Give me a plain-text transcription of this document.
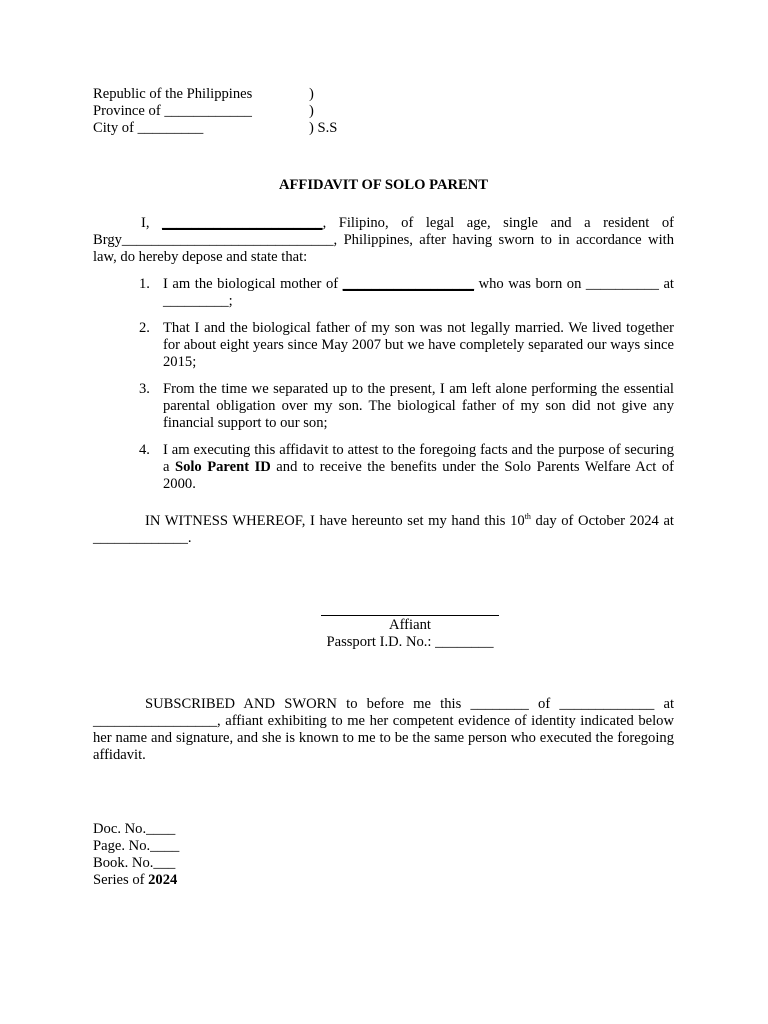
Republic of the Philippines	)
Province of ____________	)
City of _________	) S.S
AFFIDAVIT OF SOLO PARENT
I, ______________________, Filipino, of legal age, single and a resident of Brgy_____________________________, Philippines, after having sworn to in accordance with law, do hereby depose and state that:
1. I am the biological mother of __________________ who was born on __________ at _________;
2. That I and the biological father of my son was not legally married. We lived together for about eight years since May 2007 but we have completely separated our ways since 2015;
3. From the time we separated up to the present, I am left alone performing the essential parental obligation over my son. The biological father of my son did not give any financial support to our son;
4. I am executing this affidavit to attest to the foregoing facts and the purpose of securing a Solo Parent ID and to receive the benefits under the Solo Parents Welfare Act of 2000.
IN WITNESS WHEREOF, I have hereunto set my hand this 10th day of October 2024 at _____________.
Affiant
Passport I.D. No.: ________
SUBSCRIBED AND SWORN to before me this ________ of _____________ at _________________, affiant exhibiting to me her competent evidence of identity indicated below her name and signature, and she is known to me to be the same person who executed the foregoing affidavit.
Doc. No.____
Page. No.____
Book. No.___
Series of 2024
